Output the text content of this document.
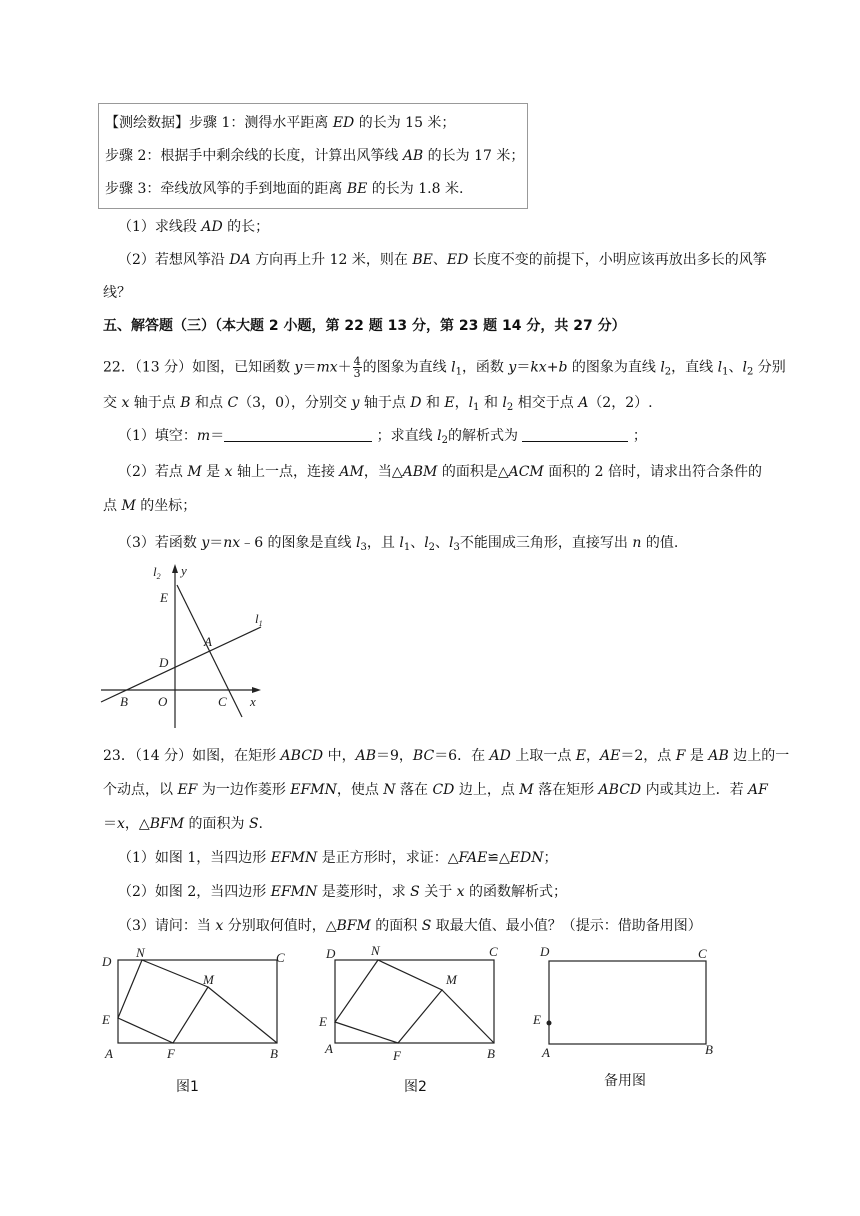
【测绘数据】步骤 1：测得水平距离 ED 的长为 15 米；
步骤 2：根据手中剩余线的长度，计算出风筝线 AB 的长为 17 米；
步骤 3：牵线放风筝的手到地面的距离 BE 的长为 1.8 米.
（1）求线段 AD 的长；
（2）若想风筝沿 DA 方向再上升 12 米，则在 BE、ED 长度不变的前提下，小明应该再放出多长的风筝
线？
五、解答题（三）（本大题 2 小题，第 22 题 13 分，第 23 题 14 分，共 27 分）
22．（13 分）如图，已知函数 $y=mx+ \frac{4}{3}$ 的图象为直线 $l_1$，函数 y＝kx+b 的图象为直线 $l_2$，直线 $l_1$、$l_2$ 分别
交 x 轴于点 B 和点 C（3，0），分别交 y 轴于点 D 和 E，$l_1$ 和 $l_2$ 相交于点 A（2，2）.
（1）填空：m＝	；求直线 $l_2$的解析式为	；
（2）若点 M 是 x 轴上一点，连接 AM，当△ABM 的面积是△ACM 面积的 2 倍时，请求出符合条件的
点 M 的坐标；
（3）若函数 y＝nx﹣6 的图象是直线 $l_3$，且 $l_1$、$l_2$、$l_3$不能围成三角形，直接写出 n 的值.
$l_2$ y
E
A
$l_1$
D
B O	C x
23．（14 分）如图，在矩形 ABCD 中，AB＝9，BC＝6．在 AD 上取一点 E，AE＝2，点 F 是 AB 边上的一
个动点，以 EF 为一边作菱形 EFMN，使点 N 落在 CD 边上，点 M 落在矩形 ABCD 内或其边上．若 AF
＝x，△BFM 的面积为 S.
（1）如图 1，当四边形 EFMN 是正方形时，求证：△FAE≌△EDN；
（2）如图 2，当四边形 EFMN 是菱形时，求 S 关于 x 的函数解析式；
（3）请问：当 x 分别取何值时，△BFM 的面积 S 取最大值、最小值？（提示：借助备用图）
D
N	C
M
E
A	F	B
图1
D	N	C
M
E
A	F	B
图2
D	C
E
A	B
备用图
